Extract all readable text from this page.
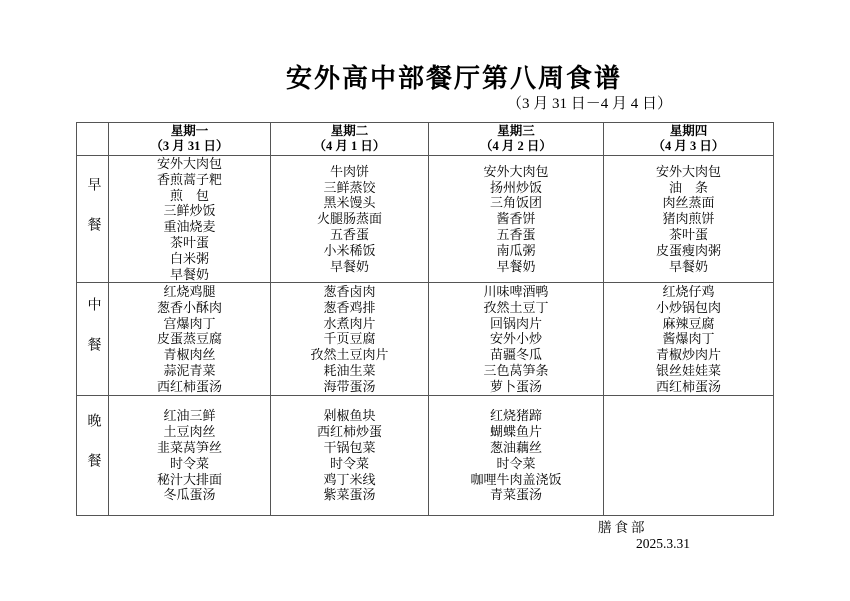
安外高中部餐厅第八周食谱
（3 月 31 日－4 月 4 日）

星期一
（3 月 31 日）

星期二
（4 月 1 日）

星期三
（4 月 2 日）

星期四
（4 月 3 日）

早餐	
安外大肉包
香煎蒿子粑
煎　包
三鲜炒饭
重油烧麦
茶叶蛋
白米粥
早餐奶

牛肉饼
三鲜蒸饺
黑米馒头
火腿肠蒸面
五香蛋
小米稀饭
早餐奶

安外大肉包
扬州炒饭
三角饭团
酱香饼
五香蛋
南瓜粥
早餐奶

安外大肉包
油　条
肉丝蒸面
猪肉煎饼
茶叶蛋
皮蛋瘦肉粥
早餐奶

中餐	
红烧鸡腿
葱香小酥肉
宫爆肉丁
皮蛋蒸豆腐
青椒肉丝
蒜泥青菜
西红柿蛋汤

葱香卤肉
葱香鸡排
水煮肉片
千页豆腐
孜然土豆肉片
耗油生菜
海带蛋汤

川味啤酒鸭
孜然土豆丁
回锅肉片
安外小炒
苗疆冬瓜
三色莴笋条
萝卜蛋汤

红烧仔鸡
小炒锅包肉
麻辣豆腐
酱爆肉丁
青椒炒肉片
银丝娃娃菜
西红柿蛋汤

晚餐	红油三鲜
土豆肉丝
韭菜莴笋丝
时令菜
秘汁大排面
冬瓜蛋汤

剁椒鱼块
西红柿炒蛋
干锅包菜
时令菜
鸡丁米线
紫菜蛋汤

红烧猪蹄
蝴蝶鱼片
葱油藕丝
时令菜
咖哩牛肉盖浇饭
青菜蛋汤

膳食部
2025.3.31
